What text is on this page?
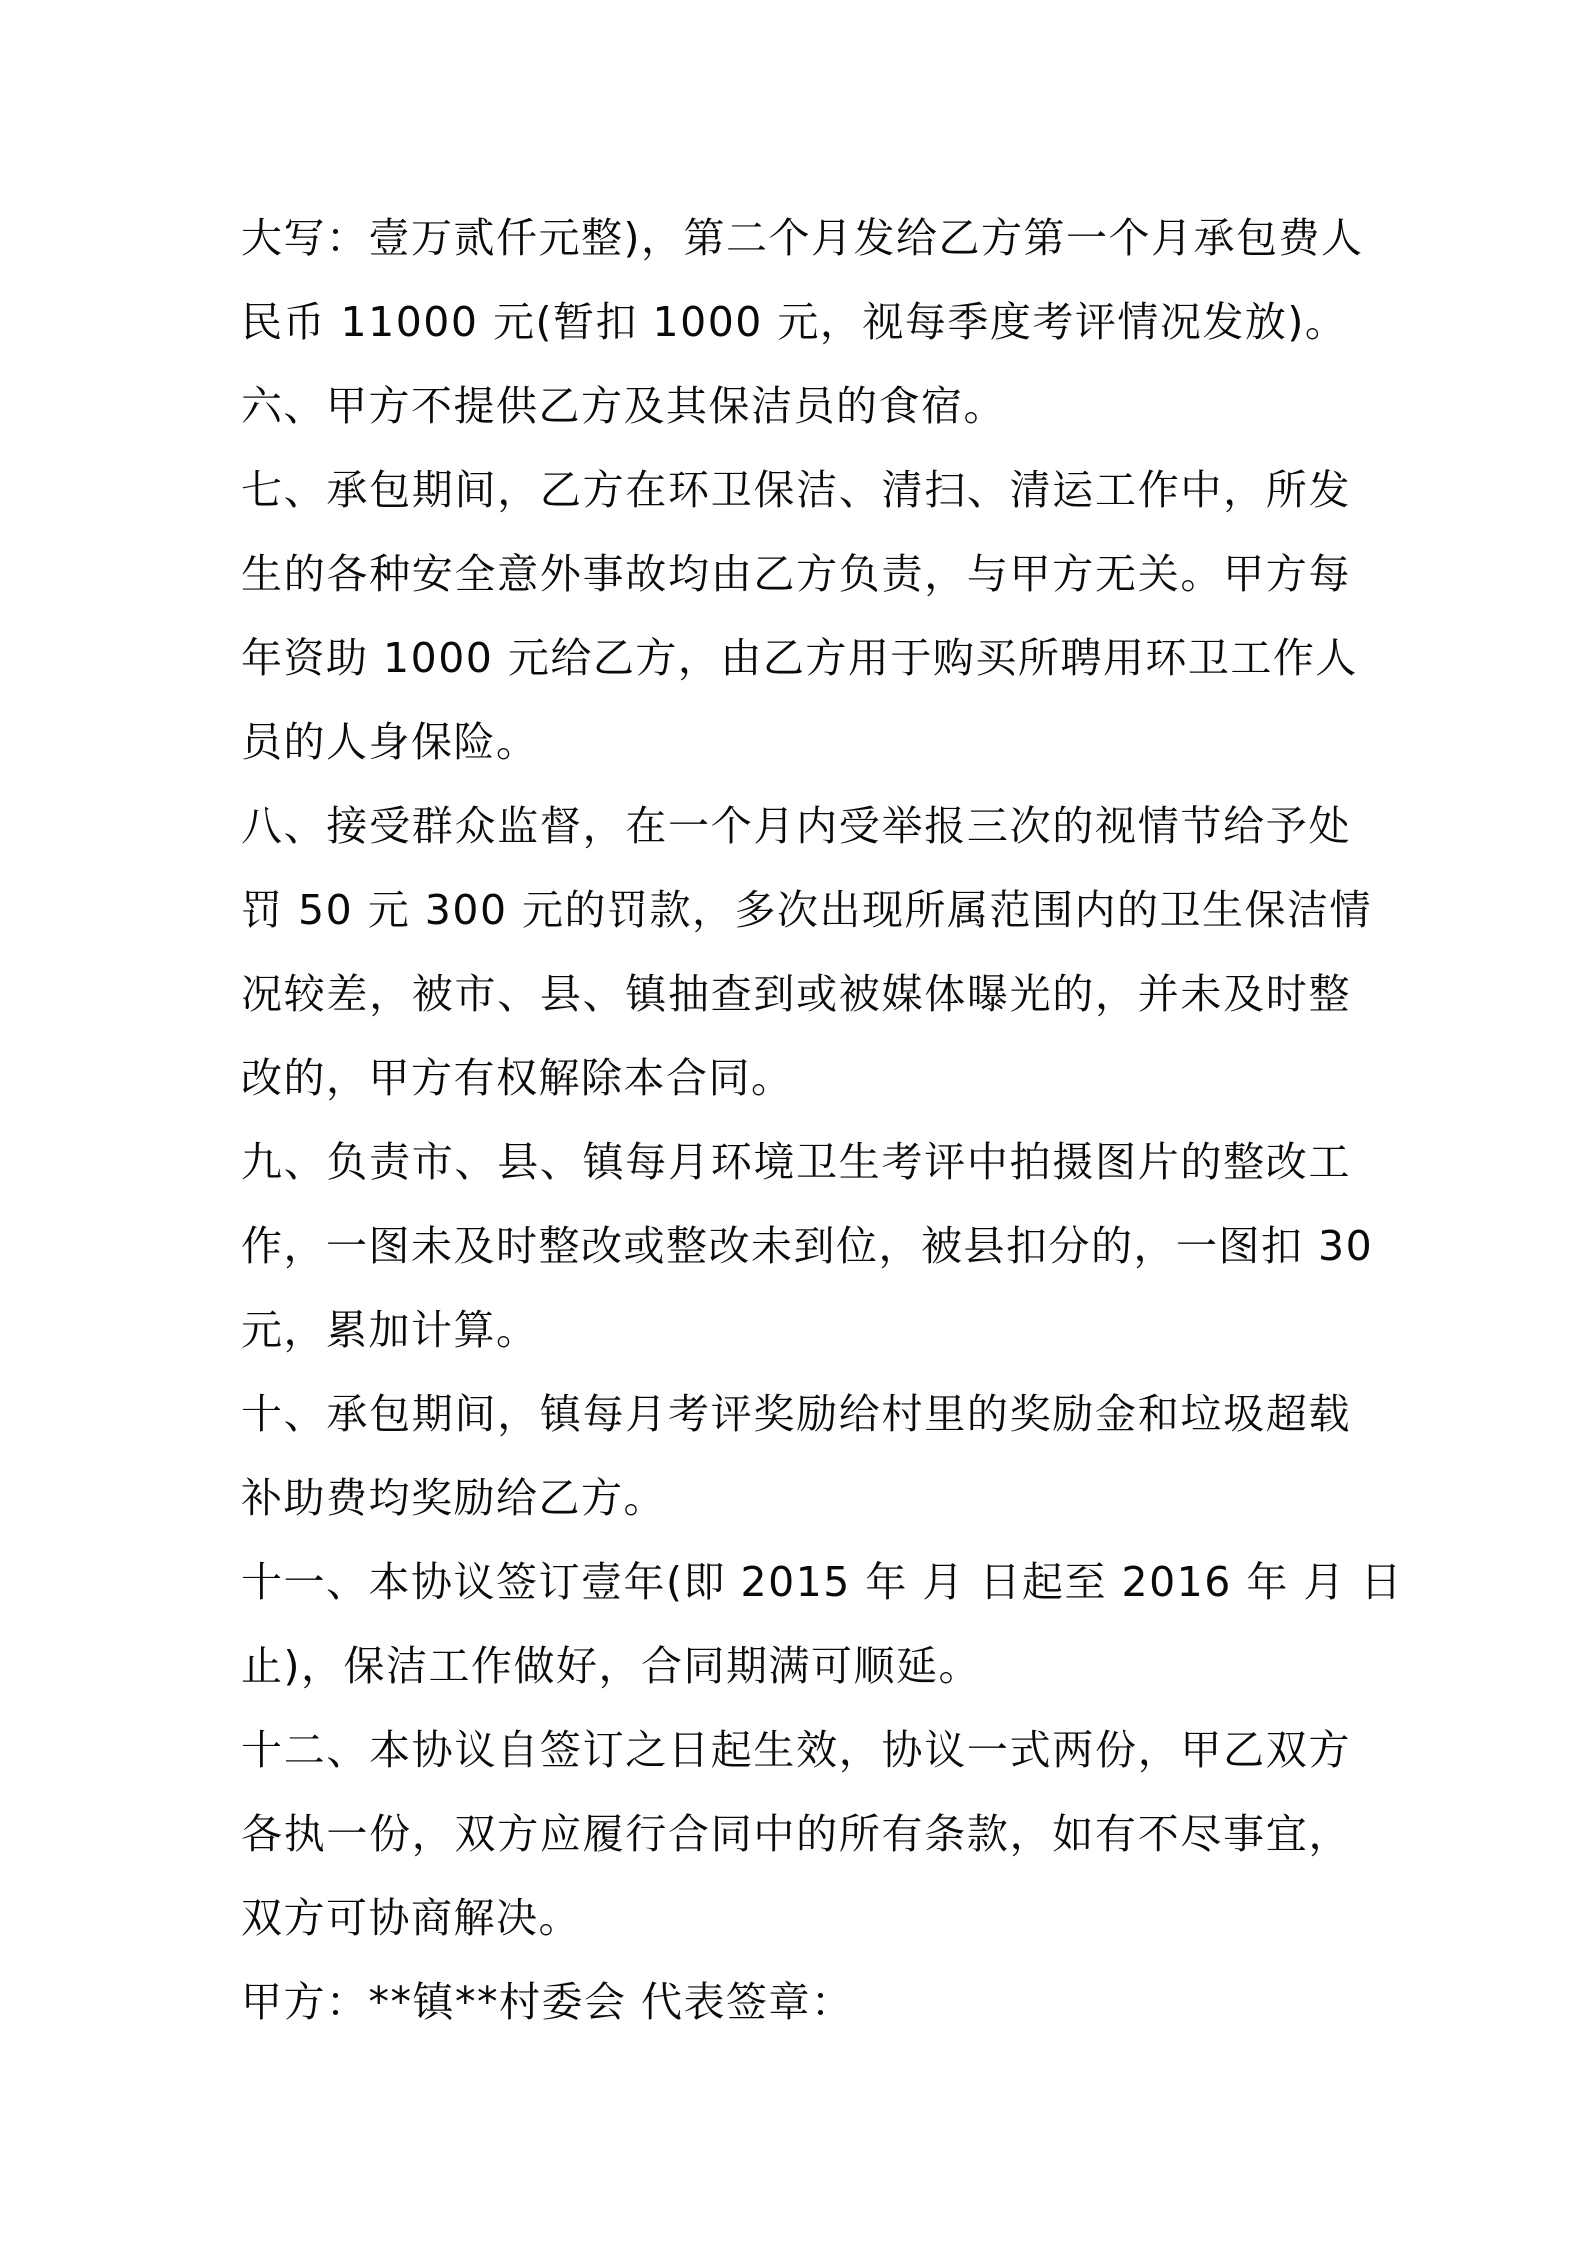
大写：壹万贰仟元整)，第二个月发给乙方第一个月承包费人
民币 11000 元(暂扣 1000 元，视每季度考评情况发放)。
六、甲方不提供乙方及其保洁员的食宿。
七、承包期间，乙方在环卫保洁、清扫、清运工作中，所发
生的各种安全意外事故均由乙方负责，与甲方无关。甲方每
年资助 1000 元给乙方，由乙方用于购买所聘用环卫工作人
员的人身保险。
八、接受群众监督，在一个月内受举报三次的视情节给予处
罚 50 元 300 元的罚款，多次出现所属范围内的卫生保洁情
况较差，被市、县、镇抽查到或被媒体曝光的，并未及时整
改的，甲方有权解除本合同。
九、负责市、县、镇每月环境卫生考评中拍摄图片的整改工
作，一图未及时整改或整改未到位，被县扣分的，一图扣 30
元，累加计算。
十、承包期间，镇每月考评奖励给村里的奖励金和垃圾超载
补助费均奖励给乙方。
十一、本协议签订壹年(即 2015 年 月 日起至 2016 年 月 日
止)，保洁工作做好，合同期满可顺延。
十二、本协议自签订之日起生效，协议一式两份，甲乙双方
各执一份，双方应履行合同中的所有条款，如有不尽事宜，
双方可协商解决。
甲方：**镇**村委会 代表签章：
